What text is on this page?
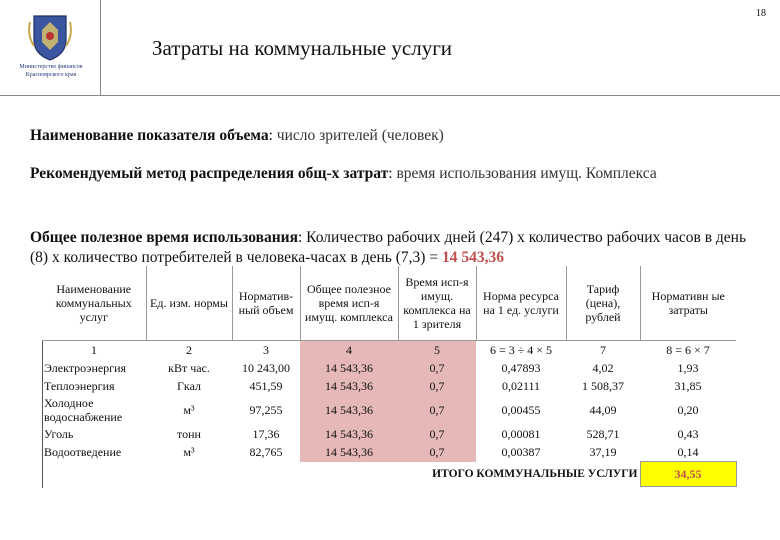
18
Министерство финансов
Красноярского края
Затраты на коммунальные услуги
Наименование показателя объема: число зрителей (человек)
Рекомендуемый метод распределения общ-х затрат: время использования имущ. Комплекса
Общее полезное время использования: Количество рабочих дней (247) х количество рабочих часов в день (8) х количество потребителей в человека-часах в день (7,3) = 14 543,36
Наименование коммунальных услуг	Ед. изм. нормы	Норматив-ный объем	Общее полезное время исп-я имущ. комплекса	Время исп-я имущ. комплекса на 1 зрителя	Норма ресурса на 1 ед. услуги	Тариф (цена), рублей	Нормативн ые затраты
1	2	3	4	5	6 = 3 ÷ 4 × 5	7	8 = 6 × 7
Электроэнергия	кВт час.	10 243,00	14 543,36	0,7	0,47893	4,02	1,93
Теплоэнергия	Гкал	451,59	14 543,36	0,7	0,02111	1 508,37	31,85
Холодное водоснабжение	м³	97,255	14 543,36	0,7	0,00455	44,09	0,20
Уголь	тонн	17,36	14 543,36	0,7	0,00081	528,71	0,43
Водоотведение	м³	82,765	14 543,36	0,7	0,00387	37,19	0,14
ИТОГО КОММУНАЛЬНЫЕ УСЛУГИ							34,55
